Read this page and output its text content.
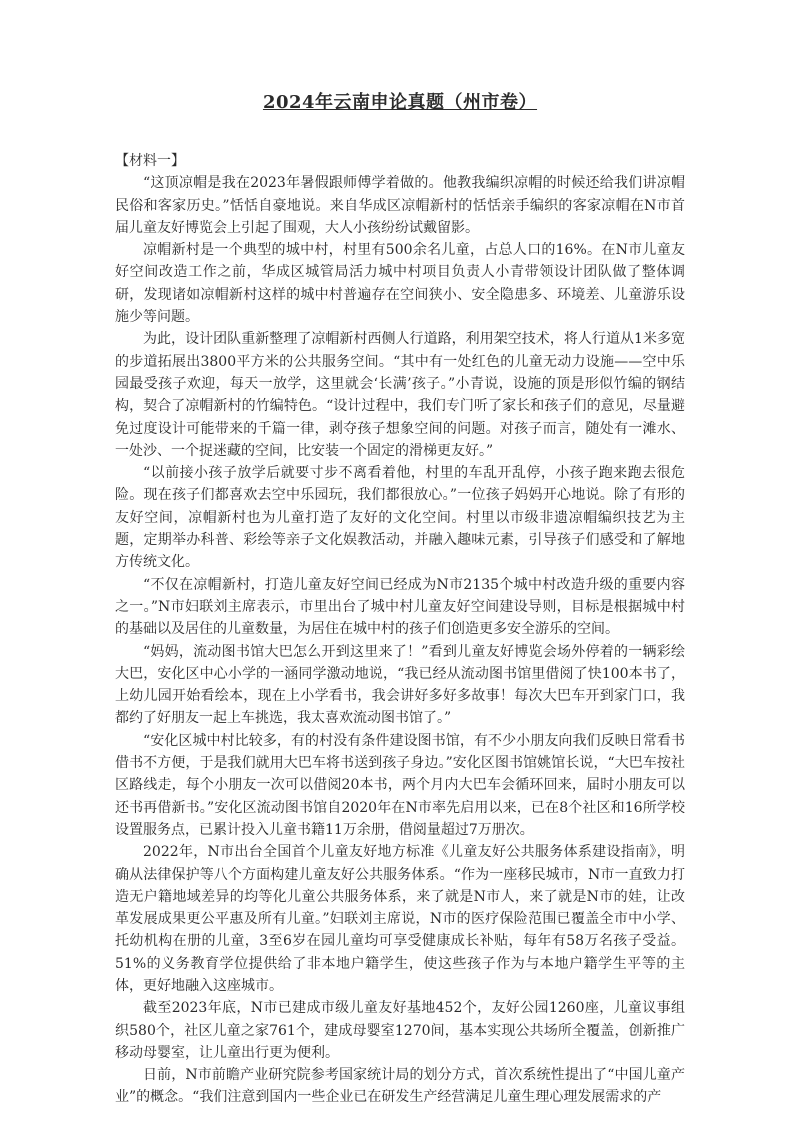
2024年云南申论真题（州市卷）

【材料一】

“这顶凉帽是我在2023年暑假跟师傅学着做的。他教我编织凉帽的时候还给我们讲凉帽民俗和客家历史。”恬恬自豪地说。来自华成区凉帽新村的恬恬亲手编织的客家凉帽在N市首届儿童友好博览会上引起了围观，大人小孩纷纷试戴留影。

凉帽新村是一个典型的城中村，村里有500余名儿童，占总人口的16%。在N市儿童友好空间改造工作之前，华成区城管局活力城中村项目负责人小青带领设计团队做了整体调研，发现诸如凉帽新村这样的城中村普遍存在空间狭小、安全隐患多、环境差、儿童游乐设施少等问题。

为此，设计团队重新整理了凉帽新村西侧人行道路，利用架空技术，将人行道从1米多宽的步道拓展出3800平方米的公共服务空间。“其中有一处红色的儿童无动力设施——空中乐园最受孩子欢迎，每天一放学，这里就会‘长满’孩子。”小青说，设施的顶是形似竹编的钢结构，契合了凉帽新村的竹编特色。“设计过程中，我们专门听了家长和孩子们的意见，尽量避免过度设计可能带来的千篇一律，剥夺孩子想象空间的问题。对孩子而言，随处有一滩水、一处沙、一个捉迷藏的空间，比安装一个固定的滑梯更友好。”

“以前接小孩子放学后就要寸步不离看着他，村里的车乱开乱停，小孩子跑来跑去很危险。现在孩子们都喜欢去空中乐园玩，我们都很放心。”一位孩子妈妈开心地说。除了有形的友好空间，凉帽新村也为儿童打造了友好的文化空间。村里以市级非遗凉帽编织技艺为主题，定期举办科普、彩绘等亲子文化娱教活动，并融入趣味元素，引导孩子们感受和了解地方传统文化。

“不仅在凉帽新村，打造儿童友好空间已经成为N市2135个城中村改造升级的重要内容之一。”N市妇联刘主席表示，市里出台了城中村儿童友好空间建设导则，目标是根据城中村的基础以及居住的儿童数量，为居住在城中村的孩子们创造更多安全游乐的空间。

“妈妈，流动图书馆大巴怎么开到这里来了！”看到儿童友好博览会场外停着的一辆彩绘大巴，安化区中心小学的一涵同学激动地说，“我已经从流动图书馆里借阅了快100本书了，上幼儿园开始看绘本，现在上小学看书，我会讲好多好多故事！每次大巴车开到家门口，我都约了好朋友一起上车挑选，我太喜欢流动图书馆了。”

“安化区城中村比较多，有的村没有条件建设图书馆，有不少小朋友向我们反映日常看书借书不方便，于是我们就用大巴车将书送到孩子身边。”安化区图书馆姚馆长说，“大巴车按社区路线走，每个小朋友一次可以借阅20本书，两个月内大巴车会循环回来，届时小朋友可以还书再借新书。”安化区流动图书馆自2020年在N市率先启用以来，已在8个社区和16所学校设置服务点，已累计投入儿童书籍11万余册，借阅量超过7万册次。

2022年，N市出台全国首个儿童友好地方标准《儿童友好公共服务体系建设指南》，明确从法律保护等八个方面构建儿童友好公共服务体系。“作为一座移民城市，N市一直致力打造无户籍地域差异的均等化儿童公共服务体系，来了就是N市人，来了就是N市的娃，让改革发展成果更公平惠及所有儿童。”妇联刘主席说，N市的医疗保险范围已覆盖全市中小学、托幼机构在册的儿童，3至6岁在园儿童均可享受健康成长补贴，每年有58万名孩子受益。51%的义务教育学位提供给了非本地户籍学生，使这些孩子作为与本地户籍学生平等的主体，更好地融入这座城市。

截至2023年底，N市已建成市级儿童友好基地452个，友好公园1260座，儿童议事组织580个，社区儿童之家761个，建成母婴室1270间，基本实现公共场所全覆盖，创新推广移动母婴室，让儿童出行更为便利。

日前，N市前瞻产业研究院参考国家统计局的划分方式，首次系统性提出了“中国儿童产业”的概念。“我们注意到国内一些企业已在研发生产经营满足儿童生理心理发展需求的产
